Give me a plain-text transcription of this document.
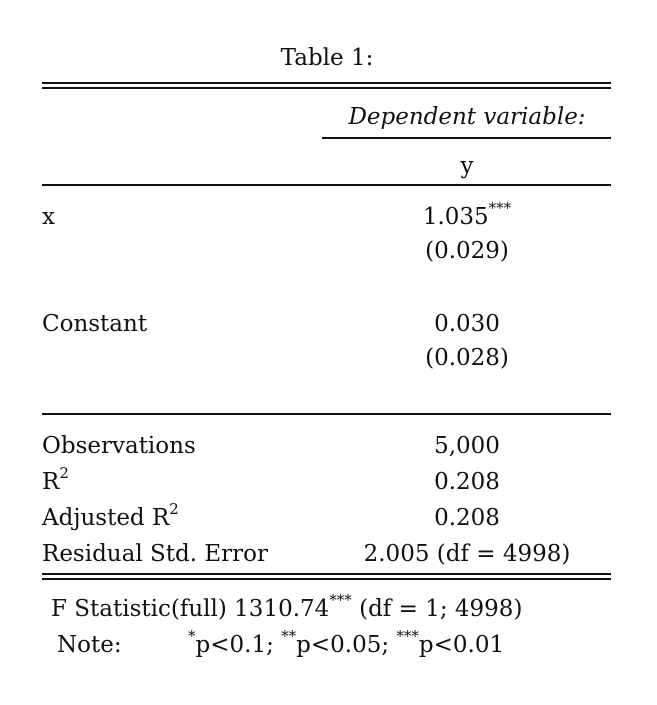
Table 1:
Dependent variable:
y
x	1.035***
(0.029)
Constant	0.030
(0.028)
Observations	5,000
$R^2$	0.208
Adjusted $R^2$	0.208
Residual Std. Error	2.005 (df = 4998)
F Statistic(full) 1310.74*** (df = 1; 4998)
Note:	*p<0.1; **p<0.05; ***p<0.01
